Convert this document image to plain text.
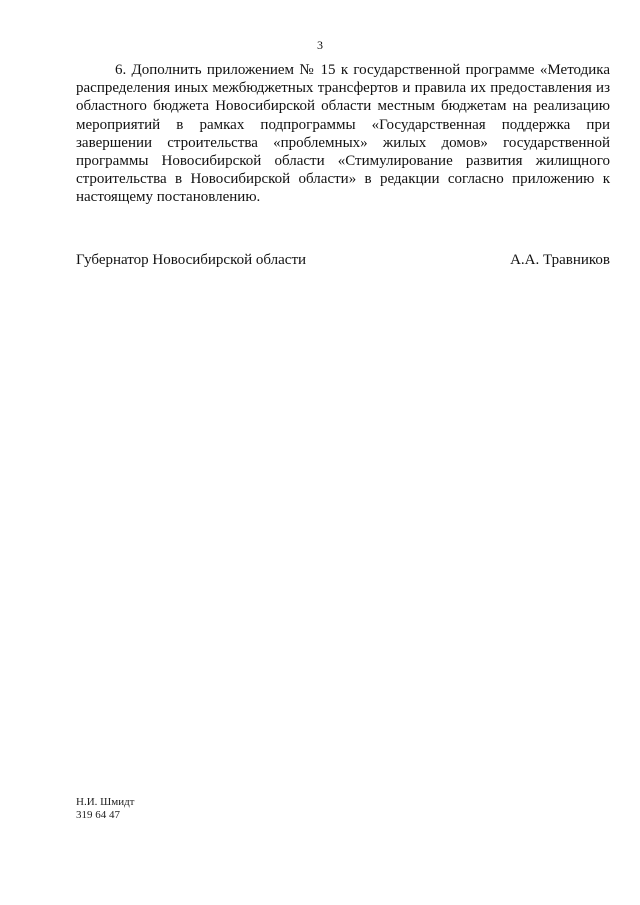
3

6. Дополнить приложением № 15 к государственной программе «Методика распределения иных межбюджетных трансфертов и правила их предоставления из областного бюджета Новосибирской области местным бюджетам на реализацию мероприятий в рамках подпрограммы «Государственная поддержка при завершении строительства «проблемных» жилых домов» государственной программы Новосибирской области «Стимулирование развития жилищного строительства в Новосибирской области» в редакции согласно приложению к настоящему постановлению.

Губернатор Новосибирской области	А.А. Травников
Н.И. Шмидт
319 64 47
